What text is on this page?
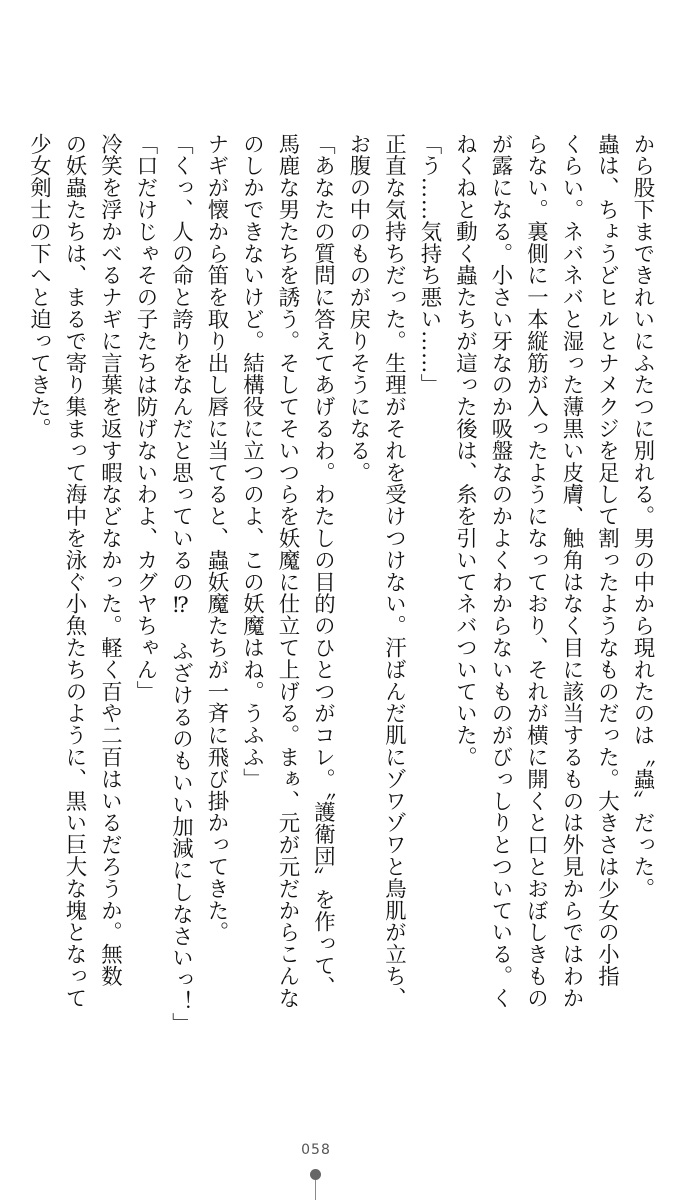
から股下まできれいにふたつに別れる。男の中から現れたのは〝蟲〟だった。
蟲は、ちょうどヒルとナメクジを足して割ったようなものだった。大きさは少女の小指
くらい。ネバネバと湿った薄黒い皮膚、触角はなく目に該当するものは外見からではわか
らない。裏側に一本縦筋が入ったようになっており、それが横に開くと口とおぼしきもの
が露になる。小さい牙なのか吸盤なのかよくわからないものがびっしりとついている。く
ねくねと動く蟲たちが這った後は、糸を引いてネバついていた。
「う……気持ち悪い……」
正直な気持ちだった。生理がそれを受けつけない。汗ばんだ肌にゾワゾワと鳥肌が立ち、
お腹の中のものが戻りそうになる。
「あなたの質問に答えてあげるわ。わたしの目的のひとつがコレ。〝護衛団〟を作って、
馬鹿な男たちを誘う。そしてそいつらを妖魔に仕立て上げる。まぁ、元が元だからこんな
のしかできないけど。結構役に立つのよ、この妖魔はね。うふふ」
ナギが懐から笛を取り出し唇に当てると、蟲妖魔たちが一斉に飛び掛かってきた。
「くっ、人の命と誇りをなんだと思っているの⁉　ふざけるのもいい加減にしなさいっ！」
「口だけじゃその子たちは防げないわよ、カグヤちゃん」
冷笑を浮かべるナギに言葉を返す暇などなかった。軽く百や二百はいるだろうか。無数
の妖蟲たちは、まるで寄り集まって海中を泳ぐ小魚たちのように、黒い巨大な塊となって
少女剣士の下へと迫ってきた。
058
